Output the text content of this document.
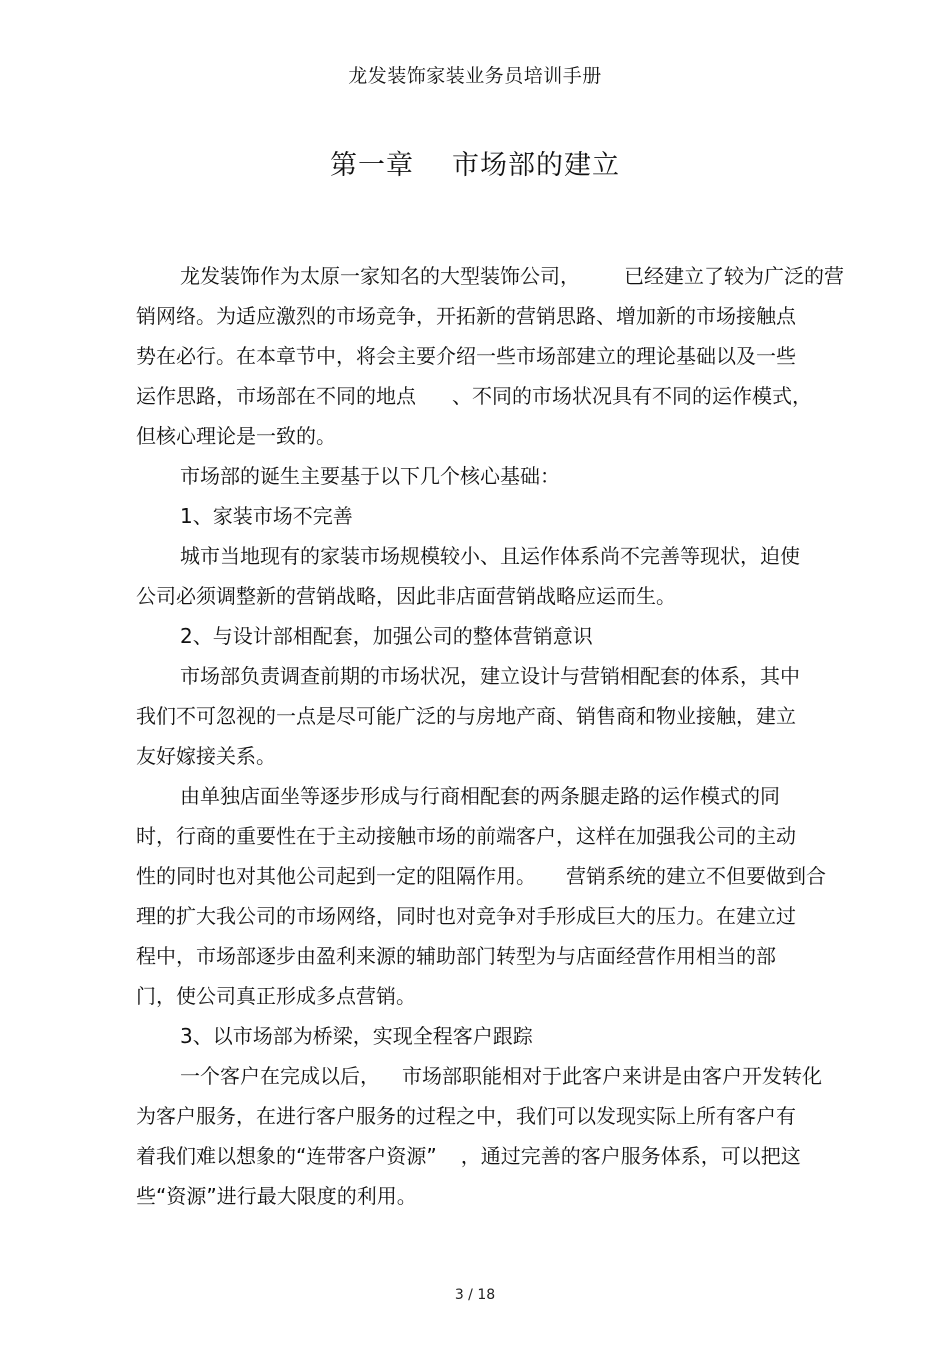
龙发装饰家装业务员培训手册
第一章 市场部的建立
龙发装饰作为太原一家知名的大型装饰公司， 已经建立了较为广泛的营
销网络。为适应激烈的市场竞争，开拓新的营销思路、增加新的市场接触点
势在必行。在本章节中，将会主要介绍一些市场部建立的理论基础以及一些
运作思路，市场部在不同的地点 、不同的市场状况具有不同的运作模式，
但核心理论是一致的。
市场部的诞生主要基于以下几个核心基础：
1、家装市场不完善
城市当地现有的家装市场规模较小、且运作体系尚不完善等现状，迫使
公司必须调整新的营销战略，因此非店面营销战略应运而生。
2、与设计部相配套，加强公司的整体营销意识
市场部负责调查前期的市场状况，建立设计与营销相配套的体系，其中
我们不可忽视的一点是尽可能广泛的与房地产商、销售商和物业接触，建立
友好嫁接关系。
由单独店面坐等逐步形成与行商相配套的两条腿走路的运作模式的同
时，行商的重要性在于主动接触市场的前端客户，这样在加强我公司的主动
性的同时也对其他公司起到一定的阻隔作用。 营销系统的建立不但要做到合
理的扩大我公司的市场网络，同时也对竞争对手形成巨大的压力。在建立过
程中，市场部逐步由盈利来源的辅助部门转型为与店面经营作用相当的部
门，使公司真正形成多点营销。
3、以市场部为桥梁，实现全程客户跟踪
一个客户在完成以后， 市场部职能相对于此客户来讲是由客户开发转化
为客户服务，在进行客户服务的过程之中，我们可以发现实际上所有客户有
着我们难以想象的“连带客户资源” ，通过完善的客户服务体系，可以把这
些“资源”进行最大限度的利用。
3 / 18
